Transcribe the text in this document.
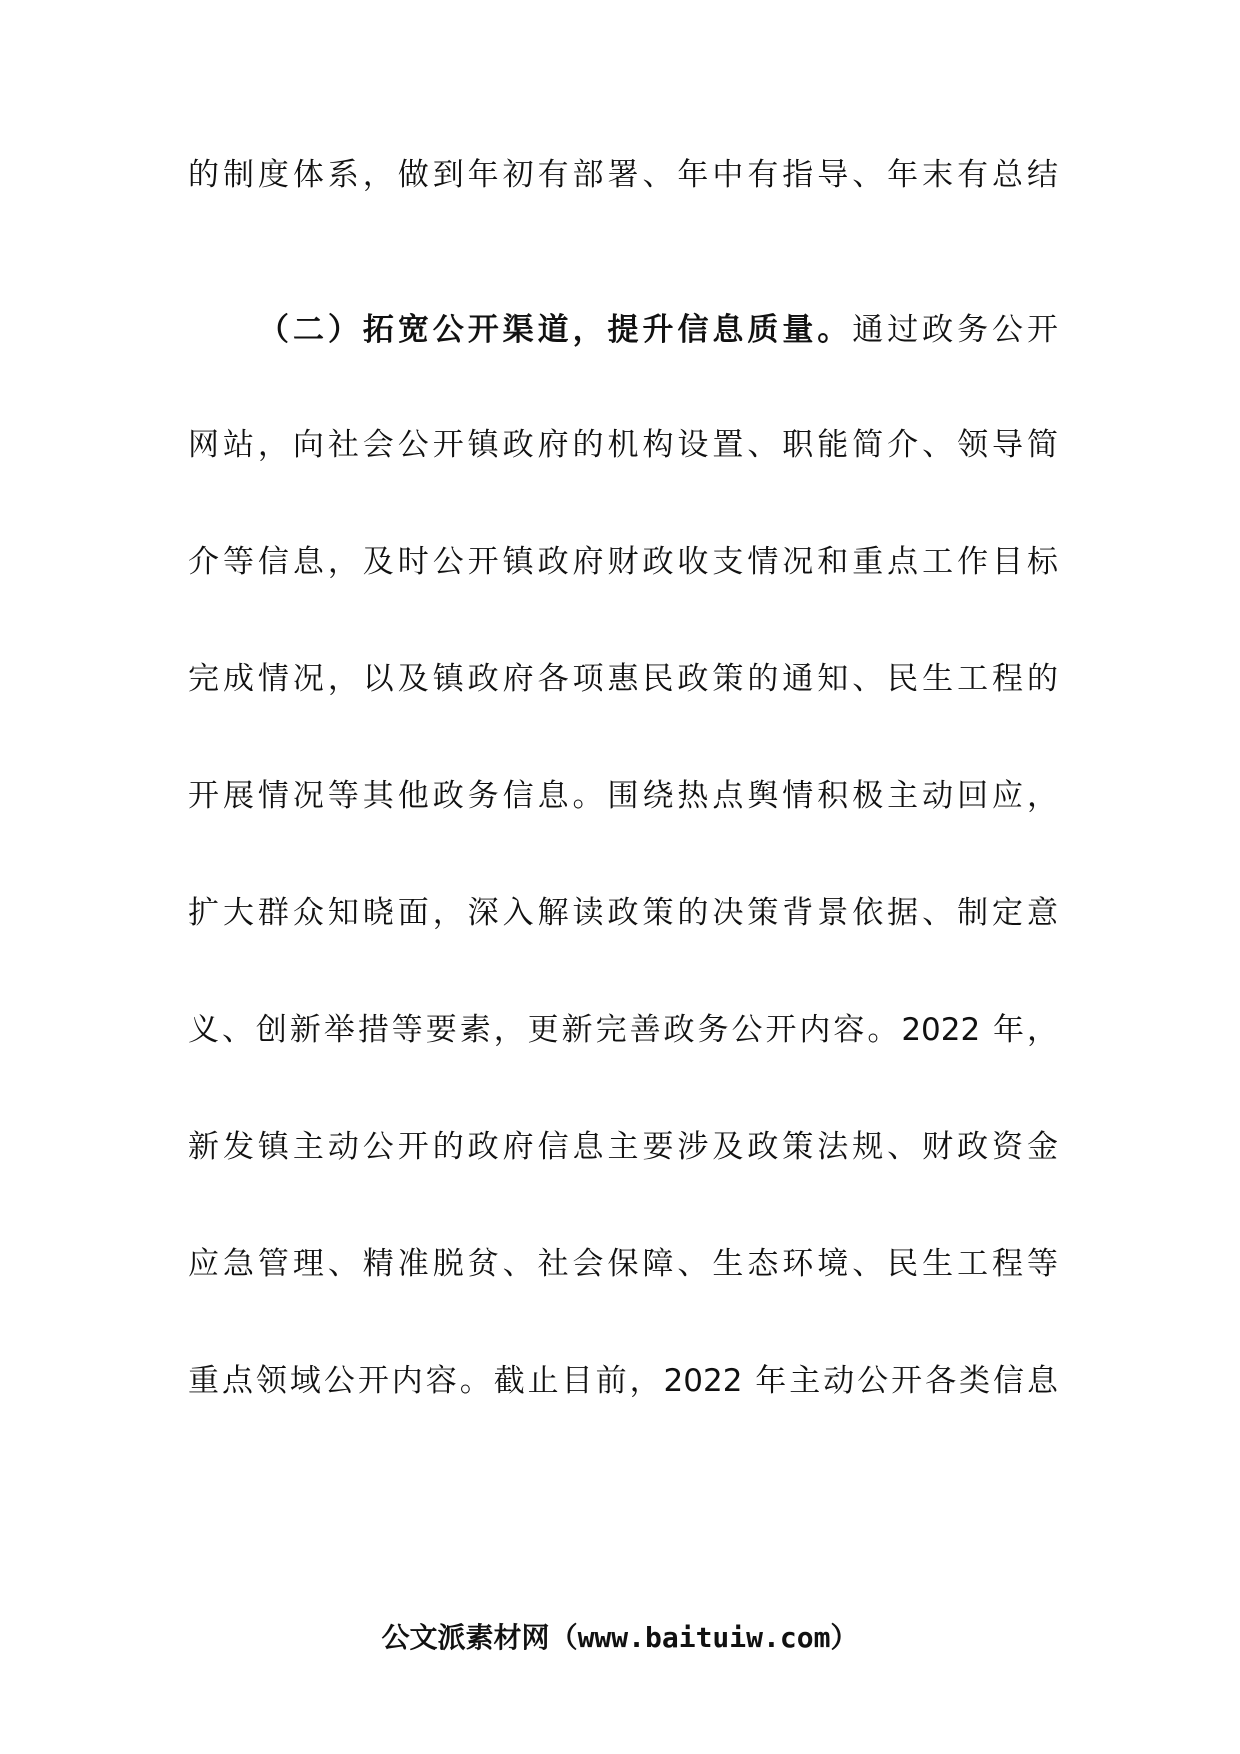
的制度体系，做到年初有部署、年中有指导、年末有总结
（二）拓宽公开渠道，提升信息质量。通过政务公开
网站，向社会公开镇政府的机构设置、职能简介、领导简
介等信息，及时公开镇政府财政收支情况和重点工作目标
完成情况，以及镇政府各项惠民政策的通知、民生工程的
开展情况等其他政务信息。围绕热点舆情积极主动回应，
扩大群众知晓面，深入解读政策的决策背景依据、制定意
义、创新举措等要素，更新完善政务公开内容。2022 年，
新发镇主动公开的政府信息主要涉及政策法规、财政资金
应急管理、精准脱贫、社会保障、生态环境、民生工程等
重点领域公开内容。截止目前，2022 年主动公开各类信息
公文派素材网（www.baituiw.com）
